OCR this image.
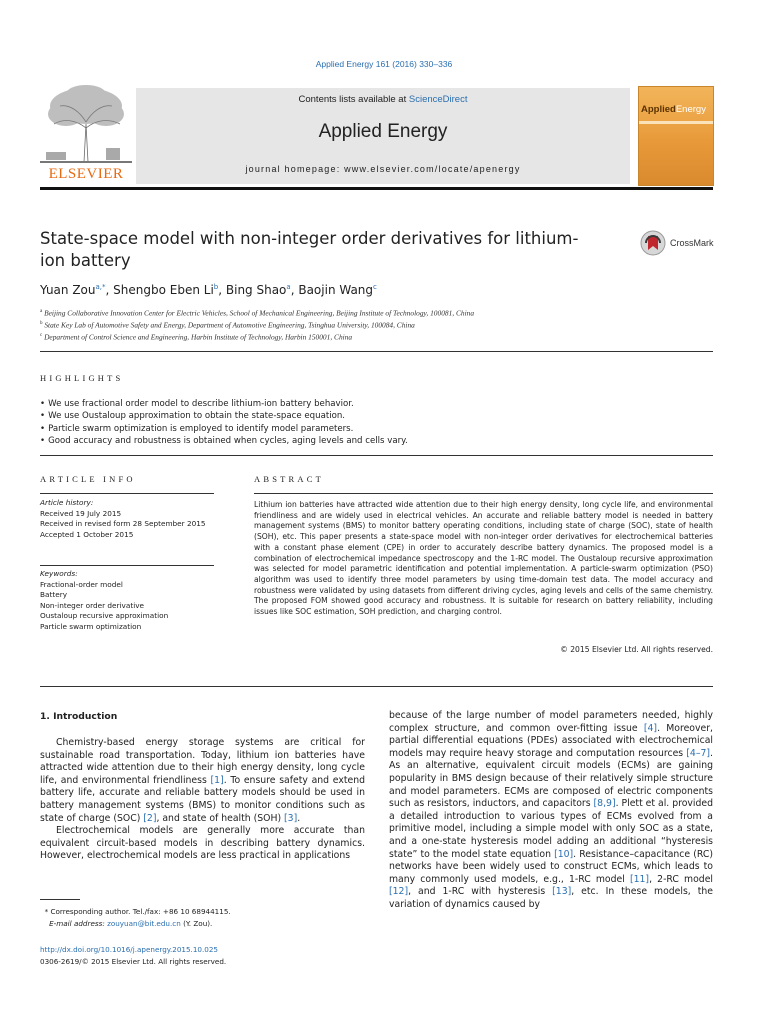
Applied Energy 161 (2016) 330–336
ELSEVIER
Contents lists available at ScienceDirect
Applied Energy
journal homepage: www.elsevier.com/locate/apenergy
AppliedEnergy
State-space model with non-integer order derivatives for lithium-ion battery
CrossMark
Yuan Zou$^{a,*}$, Shengbo Eben Li$^b$, Bing Shao$^a$, Baojin Wang$^c$
$^a$ Beijing Collaborative Innovation Center for Electric Vehicles, School of Mechanical Engineering, Beijing Institute of Technology, 100081, China
$^b$ State Key Lab of Automotive Safety and Energy, Department of Automotive Engineering, Tsinghua University, 100084, China
$^c$ Department of Control Science and Engineering, Harbin Institute of Technology, Harbin 150001, China
HIGHLIGHTS
• We use fractional order model to describe lithium-ion battery behavior.
• We use Oustaloup approximation to obtain the state-space equation.
• Particle swarm optimization is employed to identify model parameters.
• Good accuracy and robustness is obtained when cycles, aging levels and cells vary.
ARTICLE INFO	ABSTRACT
Article history:
Received 19 July 2015
Received in revised form 28 September 2015
Accepted 1 October 2015
Keywords:
Fractional-order model
Battery
Non-integer order derivative
Oustaloup recursive approximation
Particle swarm optimization
Lithium ion batteries have attracted wide attention due to their high energy density, long cycle life, and environmental friendliness and are widely used in electrical vehicles. An accurate and reliable battery model is needed in battery management systems (BMS) to monitor battery operating conditions, including state of charge (SOC), state of health (SOH), etc. This paper presents a state-space model with non-integer order derivatives for electrochemical batteries with a constant phase element (CPE) in order to accurately describe battery dynamics. The proposed model is a combination of electrochemical impedance spectroscopy and the 1-RC model. The Oustaloup recursive approximation was selected for model parametric identification and potential implementation. A particle-swarm optimization (PSO) algorithm was used to identify three model parameters by using time-domain test data. The model accuracy and robustness were validated by using datasets from different driving cycles, aging levels and cells of the same chemistry. The proposed FOM showed good accuracy and robustness. It is suitable for research on battery reliability, including issues like SOC estimation, SOH prediction, and charging control.
© 2015 Elsevier Ltd. All rights reserved.
1. Introduction

Chemistry-based energy storage systems are critical for sustainable road transportation. Today, lithium ion batteries have attracted wide attention due to their high energy density, long cycle life, and environmental friendliness [1]. To ensure safety and extend battery life, accurate and reliable battery models should be used in battery management systems (BMS) to monitor conditions such as state of charge (SOC) [2], and state of health (SOH) [3].

Electrochemical models are generally more accurate than equivalent circuit-based models in describing battery dynamics. However, electrochemical models are less practical in applications

because of the large number of model parameters needed, highly complex structure, and common over-fitting issue [4]. Moreover, partial differential equations (PDEs) associated with electrochemical models may require heavy storage and computation resources [4–7]. As an alternative, equivalent circuit models (ECMs) are gaining popularity in BMS design because of their relatively simple structure and model parameters. ECMs are composed of electric components such as resistors, inductors, and capacitors [8,9]. Plett et al. provided a detailed introduction to various types of ECMs evolved from a primitive model, including a simple model with only SOC as a state, and a one-state hysteresis model adding an additional “hysteresis state” to the model state equation [10]. Resistance–capacitance (RC) networks have been widely used to construct ECMs, which leads to many commonly used models, e.g., 1-RC model [11], 2-RC model [12], and 1-RC with hysteresis [13], etc. In these models, the variation of dynamics caused by

* Corresponding author. Tel./fax: +86 10 68944115.
E-mail address: zouyuan@bit.edu.cn (Y. Zou).
http://dx.doi.org/10.1016/j.apenergy.2015.10.025
0306-2619/© 2015 Elsevier Ltd. All rights reserved.
